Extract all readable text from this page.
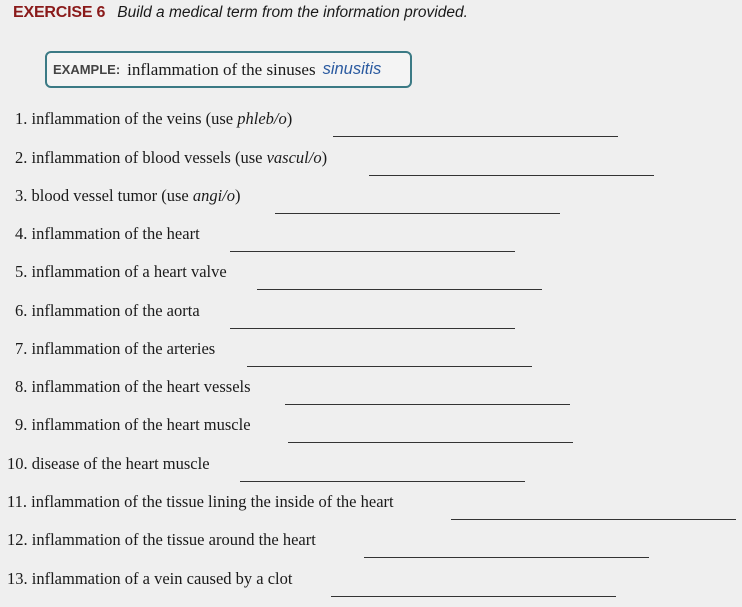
EXERCISE 6 Build a medical term from the information provided.
EXAMPLE: inflammation of the sinuses sinusitis
1. inflammation of the veins (use phleb/o)
2. inflammation of blood vessels (use vascul/o)
3. blood vessel tumor (use angi/o)
4. inflammation of the heart
5. inflammation of a heart valve
6. inflammation of the aorta
7. inflammation of the arteries
8. inflammation of the heart vessels
9. inflammation of the heart muscle
10. disease of the heart muscle
11. inflammation of the tissue lining the inside of the heart
12. inflammation of the tissue around the heart
13. inflammation of a vein caused by a clot
